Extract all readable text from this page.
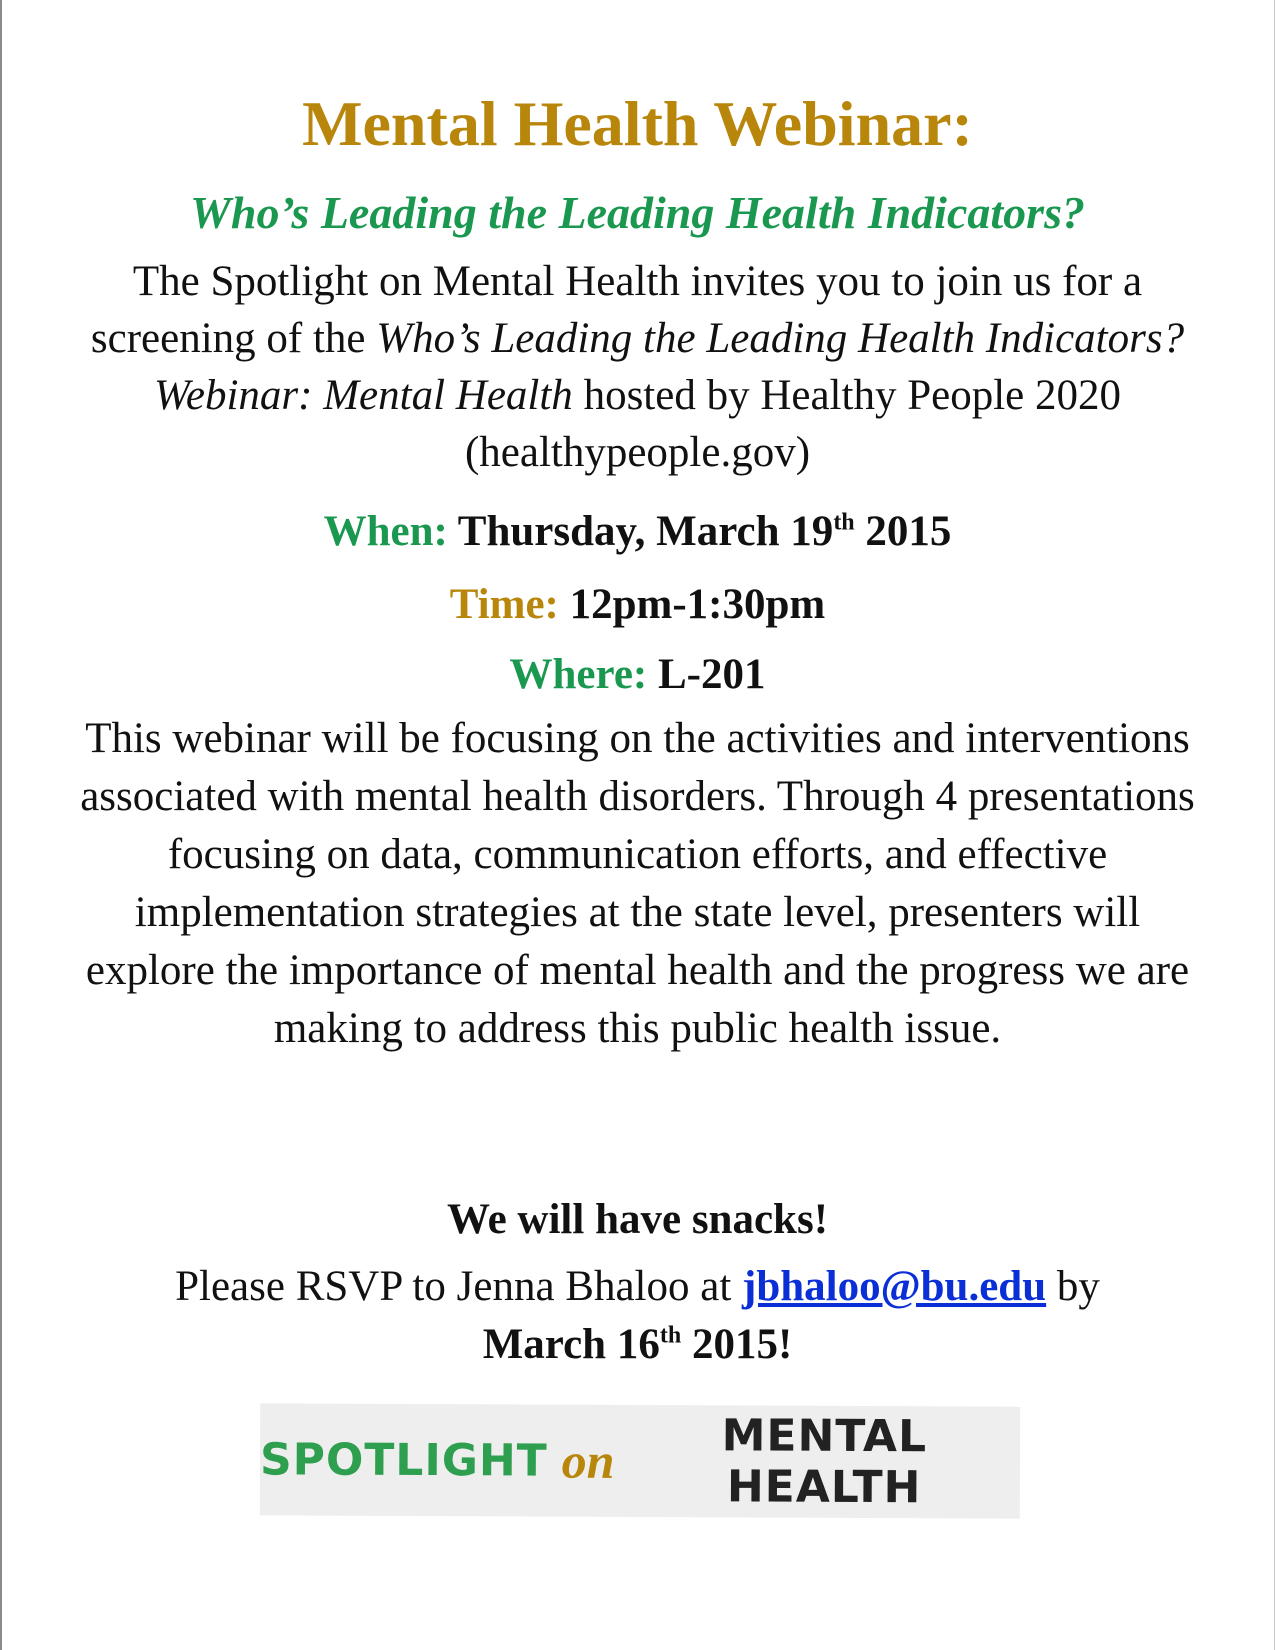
Mental Health Webinar:
Who’s Leading the Leading Health Indicators?

The Spotlight on Mental Health invites you to join us for a screening of the Who’s Leading the Leading Health Indicators? Webinar: Mental Health hosted by Healthy People 2020 (healthypeople.gov)

When: Thursday, March 19th 2015

Time: 12pm-1:30pm

Where: L-201

This webinar will be focusing on the activities and interventions associated with mental health disorders. Through 4 presentations focusing on data, communication efforts, and effective implementation strategies at the state level, presenters will explore the importance of mental health and the progress we are making to address this public health issue.

We will have snacks!

Please RSVP to Jenna Bhaloo at jbhaloo@bu.edu by
March 16th 2015!

SPOTLIGHT on	MENTAL HEALTH
